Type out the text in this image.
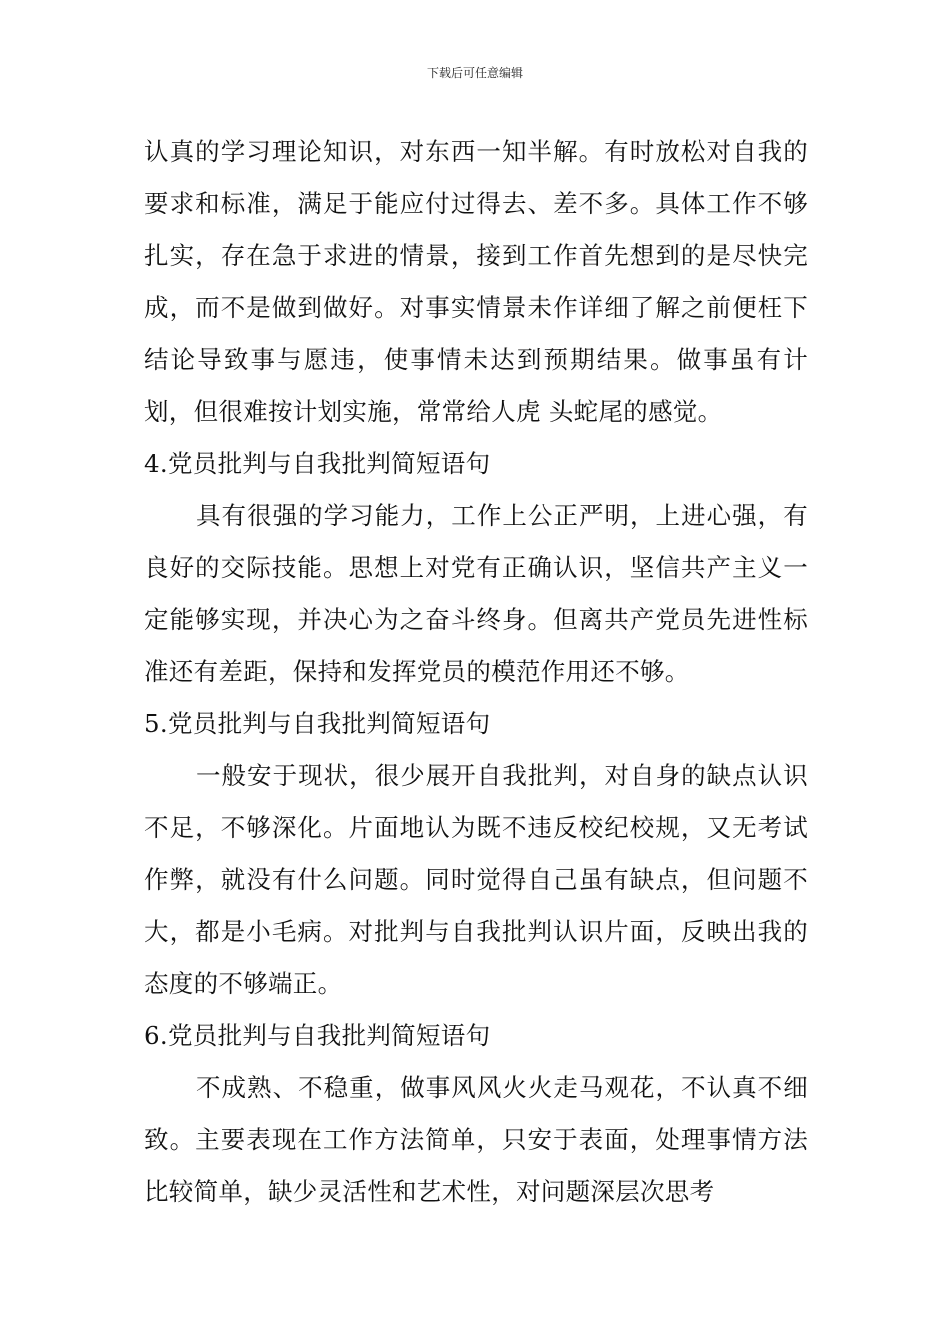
下载后可任意编辑

认真的学习理论知识，对东西一知半解。有时放松对自我的要求和标准，满足于能应付过得去、差不多。具体工作不够扎实，存在急于求进的情景，接到工作首先想到的是尽快完成，而不是做到做好。对事实情景未作详细了解之前便枉下结论导致事与愿违，使事情未达到预期结果。做事虽有计划，但很难按计划实施，常常给人虎 头蛇尾的感觉。

4.党员批判与自我批判简短语句

具有很强的学习能力，工作上公正严明，上进心强，有良好的交际技能。思想上对党有正确认识，坚信共产主义一定能够实现，并决心为之奋斗终身。但离共产党员先进性标准还有差距，保持和发挥党员的模范作用还不够。

5.党员批判与自我批判简短语句

一般安于现状，很少展开自我批判，对自身的缺点认识不足，不够深化。片面地认为既不违反校纪校规，又无考试作弊，就没有什么问题。同时觉得自己虽有缺点，但问题不大，都是小毛病。对批判与自我批判认识片面，反映出我的态度的不够端正。

6.党员批判与自我批判简短语句

不成熟、不稳重，做事风风火火走马观花，不认真不细致。主要表现在工作方法简单，只安于表面，处理事情方法比较简单，缺少灵活性和艺术性，对问题深层次思考
